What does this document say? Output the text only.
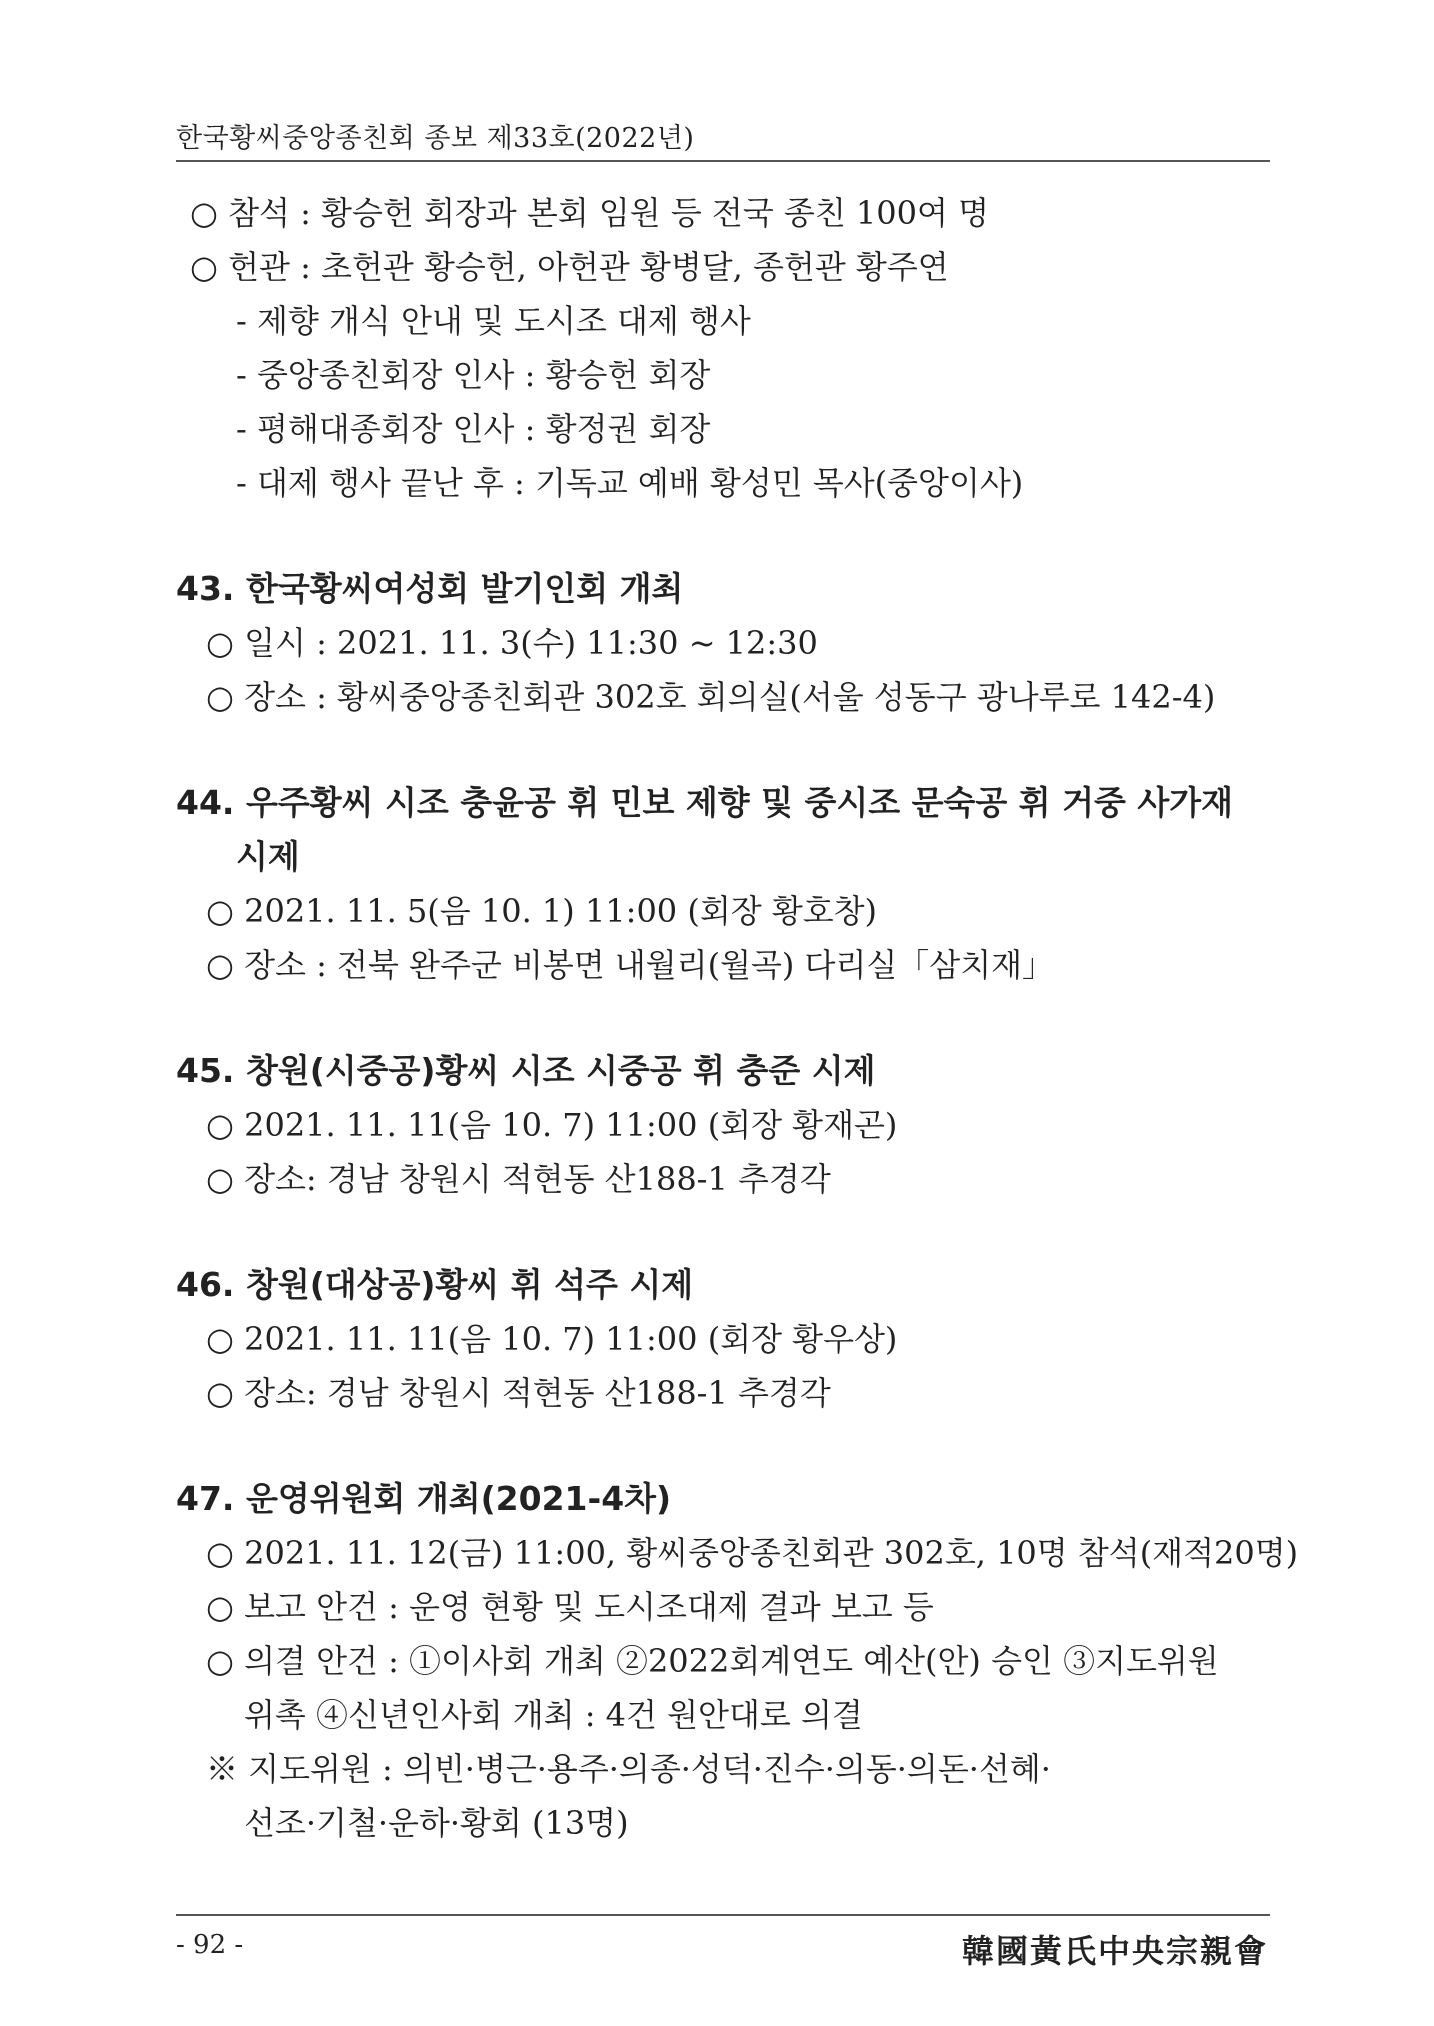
한국황씨중앙종친회 종보 제33호(2022년)
○ 참석 : 황승헌 회장과 본회 임원 등 전국 종친 100여 명
○ 헌관 : 초헌관 황승헌, 아헌관 황병달, 종헌관 황주연
- 제향 개식 안내 및 도시조 대제 행사
- 중앙종친회장 인사 : 황승헌 회장
- 평해대종회장 인사 : 황정권 회장
- 대제 행사 끝난 후 : 기독교 예배 황성민 목사(중앙이사)
43. 한국황씨여성회 발기인회 개최
○ 일시 : 2021. 11. 3(수) 11:30 ~ 12:30
○ 장소 : 황씨중앙종친회관 302호 회의실(서울 성동구 광나루로 142-4)
44. 우주황씨 시조 충윤공 휘 민보 제향 및 중시조 문숙공 휘 거중 사가재
시제
○ 2021. 11. 5(음 10. 1) 11:00 (회장 황호창)
○ 장소 : 전북 완주군 비봉면 내월리(월곡) 다리실「삼치재」
45. 창원(시중공)황씨 시조 시중공 휘 충준 시제
○ 2021. 11. 11(음 10. 7) 11:00 (회장 황재곤)
○ 장소: 경남 창원시 적현동 산188-1 추경각
46. 창원(대상공)황씨 휘 석주 시제
○ 2021. 11. 11(음 10. 7) 11:00 (회장 황우상)
○ 장소: 경남 창원시 적현동 산188-1 추경각
47. 운영위원회 개최(2021-4차)
○ 2021. 11. 12(금) 11:00, 황씨중앙종친회관 302호, 10명 참석(재적20명)
○ 보고 안건 : 운영 현황 및 도시조대제 결과 보고 등
○ 의결 안건 : ①이사회 개최 ②2022회계연도 예산(안) 승인 ③지도위원
위촉 ④신년인사회 개최 : 4건 원안대로 의결
※ 지도위원 : 의빈·병근·용주·의종·성덕·진수·의동·의돈·선혜·
선조·기철·운하·황회 (13명)
- 92 -	韓國黃氏中央宗親會
